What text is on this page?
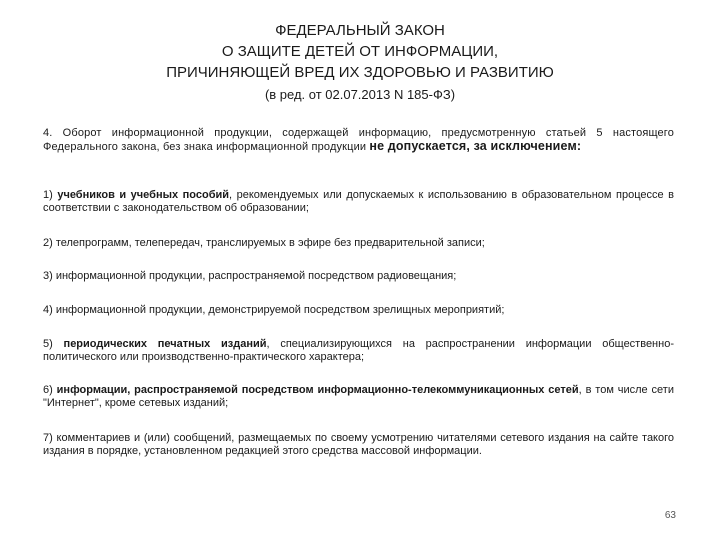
ФЕДЕРАЛЬНЫЙ ЗАКОН
О ЗАЩИТЕ ДЕТЕЙ ОТ ИНФОРМАЦИИ,
ПРИЧИНЯЮЩЕЙ ВРЕД ИХ ЗДОРОВЬЮ И РАЗВИТИЮ
(в ред. от 02.07.2013 N 185-ФЗ)

4. Оборот информационной продукции, содержащей информацию, предусмотренную статьей 5 настоящего Федерального закона, без знака информационной продукции не допускается, за исключением:

1) учебников и учебных пособий, рекомендуемых или допускаемых к использованию в образовательном процессе в соответствии с законодательством об образовании;

2) телепрограмм, телепередач, транслируемых в эфире без предварительной записи;

3) информационной продукции, распространяемой посредством радиовещания;

4) информационной продукции, демонстрируемой посредством зрелищных мероприятий;

5) периодических печатных изданий, специализирующихся на распространении информации общественно-политического или производственно-практического характера;

6) информации, распространяемой посредством информационно-телекоммуникационных сетей, в том числе сети "Интернет", кроме сетевых изданий;

7) комментариев и (или) сообщений, размещаемых по своему усмотрению читателями сетевого издания на сайте такого издания в порядке, установленном редакцией этого средства массовой информации.

63
